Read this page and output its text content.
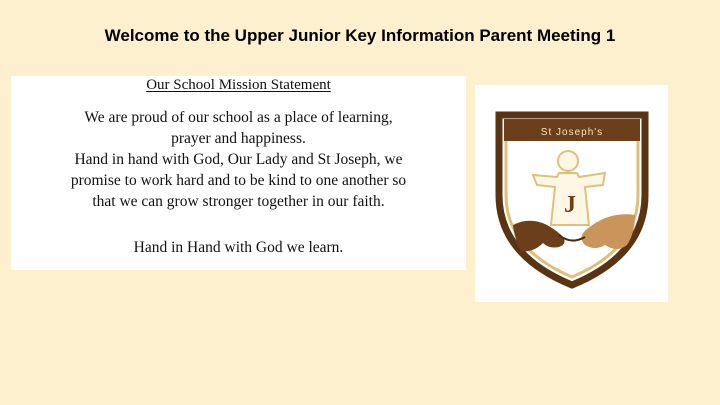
Welcome to the Upper Junior Key Information Parent Meeting 1
Our School Mission Statement
We are proud of our school as a place of learning,
prayer and happiness.
Hand in hand with God, Our Lady and St Joseph, we
promise to work hard and to be kind to one another so
that we can grow stronger together in our faith.
Hand in Hand with God we learn.
St Joseph's
J
